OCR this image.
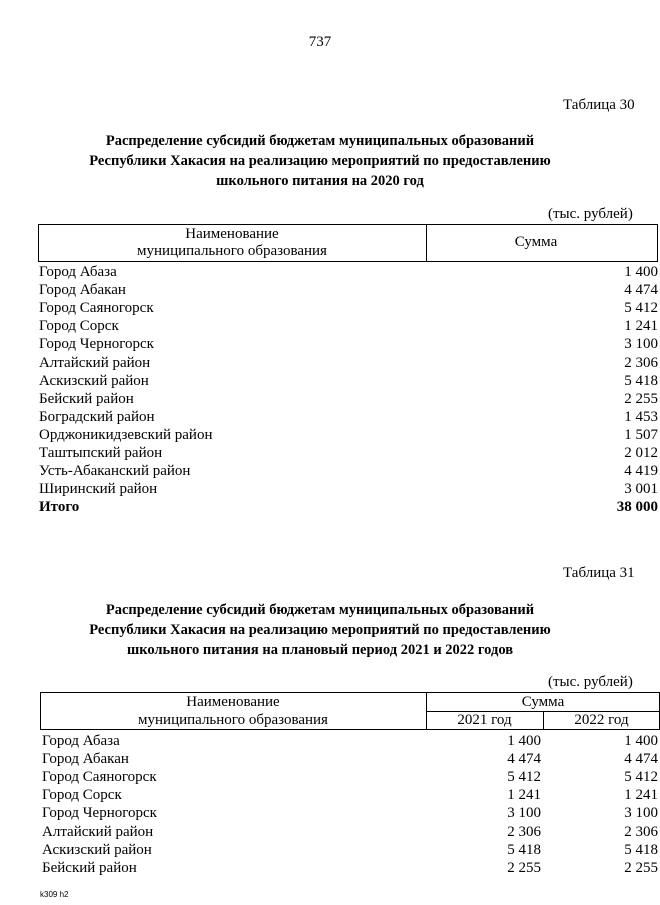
737
Таблица 30
Распределение субсидий бюджетам муниципальных образований
Республики Хакасия на реализацию мероприятий по предоставлению
школьного питания на 2020 год
(тыс. рублей)
Наименование
муниципального образования
Сумма
Город Абаза	1 400
Город Абакан	4 474
Город Саяногорск	5 412
Город Сорск	1 241
Город Черногорск	3 100
Алтайский район	2 306
Аскизский район	5 418
Бейский район	2 255
Боградский район	1 453
Орджоникидзевский район	1 507
Таштыпский район	2 012
Усть-Абаканский район	4 419
Ширинский район	3 001
Итого	38 000
Таблица 31
Распределение субсидий бюджетам муниципальных образований
Республики Хакасия на реализацию мероприятий по предоставлению
школьного питания на плановый период 2021 и 2022 годов
(тыс. рублей)
Наименование
муниципального образования
Сумма
2021 год	2022 год
Город Абаза	1 400	1 400
Город Абакан	4 474	4 474
Город Саяногорск	5 412	5 412
Город Сорск	1 241	1 241
Город Черногорск	3 100	3 100
Алтайский район	2 306	2 306
Аскизский район	5 418	5 418
Бейский район	2 255	2 255
k309 h2
